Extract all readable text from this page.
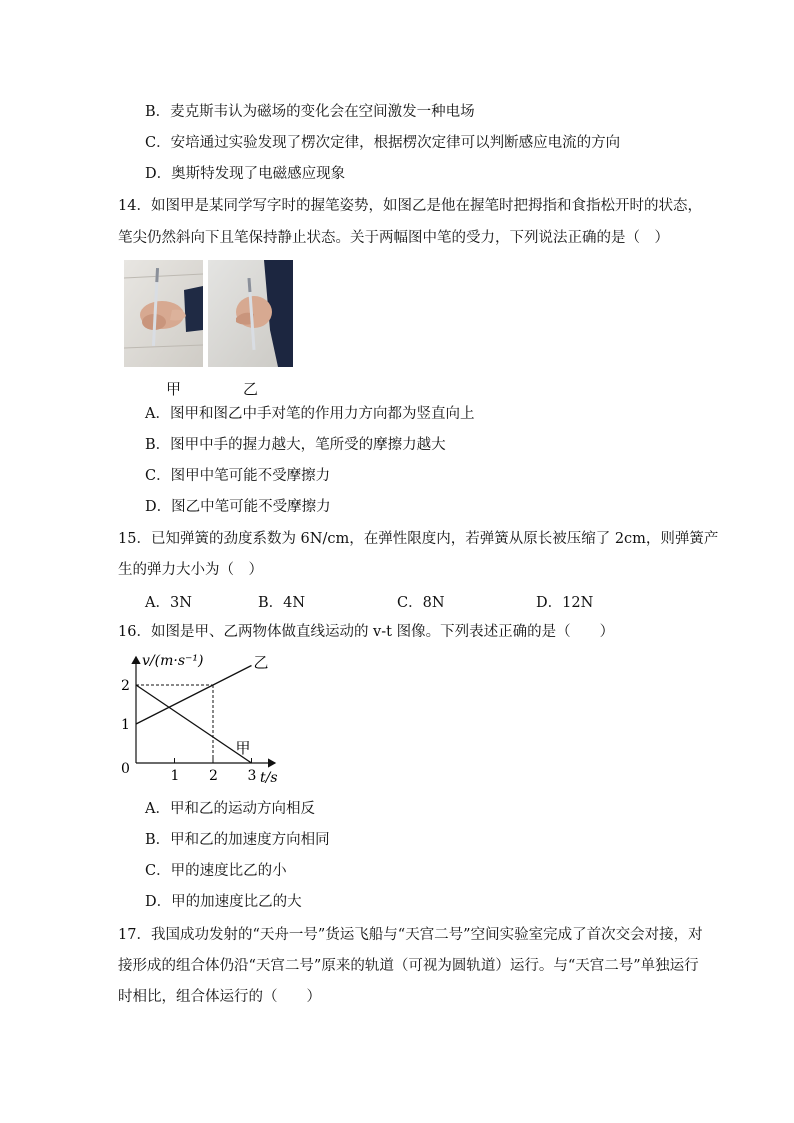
B．麦克斯韦认为磁场的变化会在空间激发一种电场
C．安培通过实验发现了楞次定律，根据楞次定律可以判断感应电流的方向
D．奥斯特发现了电磁感应现象
14．如图甲是某同学写字时的握笔姿势，如图乙是他在握笔时把拇指和食指松开时的状态，
笔尖仍然斜向下且笔保持静止状态。关于两幅图中笔的受力，下列说法正确的是（　）
甲	乙
A．图甲和图乙中手对笔的作用力方向都为竖直向上
B．图甲中手的握力越大，笔所受的摩擦力越大
C．图甲中笔可能不受摩擦力
D．图乙中笔可能不受摩擦力
15．已知弹簧的劲度系数为 6N/cm，在弹性限度内，若弹簧从原长被压缩了 2cm，则弹簧产
生的弹力大小为（　）
A．3N	B．4N	C．8N	D．12N
16．如图是甲、乙两物体做直线运动的 v-t 图像。下列表述正确的是（　　）
1 2 3
0
1
2
甲
乙
v/(m·s⁻¹)
t/s
A．甲和乙的运动方向相反
B．甲和乙的加速度方向相同
C．甲的速度比乙的小
D．甲的加速度比乙的大
17．我国成功发射的“天舟一号”货运飞船与“天宫二号”空间实验室完成了首次交会对接，对
接形成的组合体仍沿“天宫二号”原来的轨道（可视为圆轨道）运行。与“天宫二号”单独运行
时相比，组合体运行的（　　）
